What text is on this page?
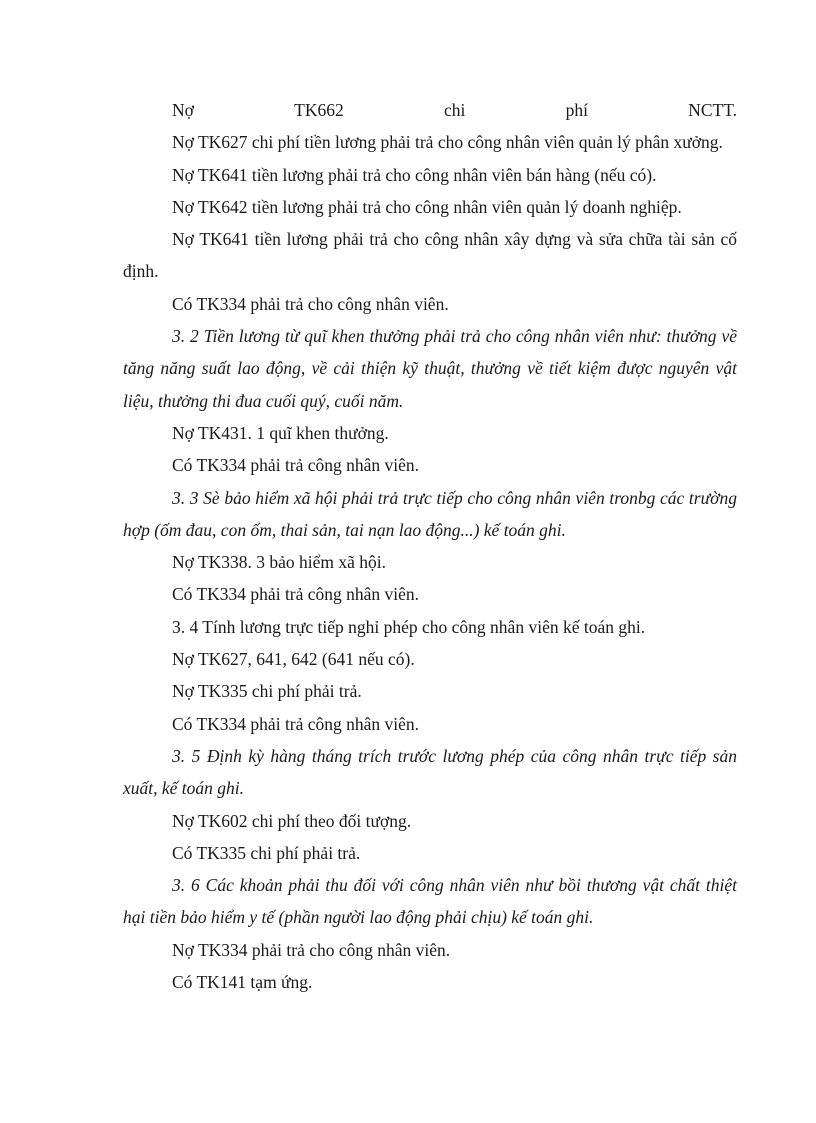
Nợ	TK662	chi	phí	NCTT.

Nợ TK627 chi phí tiền lương phải trả cho công nhân viên quản lý phân xưởng.

Nợ TK641 tiền lương phải trả cho công nhân viên bán hàng (nếu có).

Nợ TK642 tiền lương phải trả cho công nhân viên quản lý doanh nghiệp.

Nợ TK641 tiền lương phải trả cho công nhân xây dựng và sửa chữa tài sản cố định.

Có TK334 phải trả cho công nhân viên.

3. 2 Tiền lương từ quĩ khen thưởng phải trả cho công nhân viên như: thưởng về tăng năng suất lao động, về cải thiện kỹ thuật, thưởng về tiết kiệm được nguyên vật liệu, thưởng thi đua cuối quý, cuối năm.

Nợ TK431. 1 quĩ khen thưởng.

Có TK334 phải trả công nhân viên.

3. 3 Sè bảo hiểm xã hội phải trả trực tiếp cho công nhân viên tronbg các trường hợp (ốm đau, con ốm, thai sản, tai nạn lao động...) kế toán ghi.

Nợ TK338. 3 bảo hiểm xã hội.

Có TK334 phải trả công nhân viên.

3. 4 Tính lương trực tiếp nghỉ phép cho công nhân viên kế toán ghi.

Nợ TK627, 641, 642 (641 nếu có).

Nợ TK335 chi phí phải trả.

Có TK334 phải trả công nhân viên.

3. 5 Định kỳ hàng tháng trích trước lương phép của công nhân trực tiếp sản xuất, kế toán ghi.

Nợ TK602 chi phí theo đối tượng.

Có TK335 chi phí phải trả.

3. 6 Các khoản phải thu đối với công nhân viên như bồi thương vật chất thiệt hại tiền bảo hiểm y tế (phần người lao động phải chịu) kế toán ghi.

Nợ TK334 phải trả cho công nhân viên.

Có TK141 tạm ứng.
